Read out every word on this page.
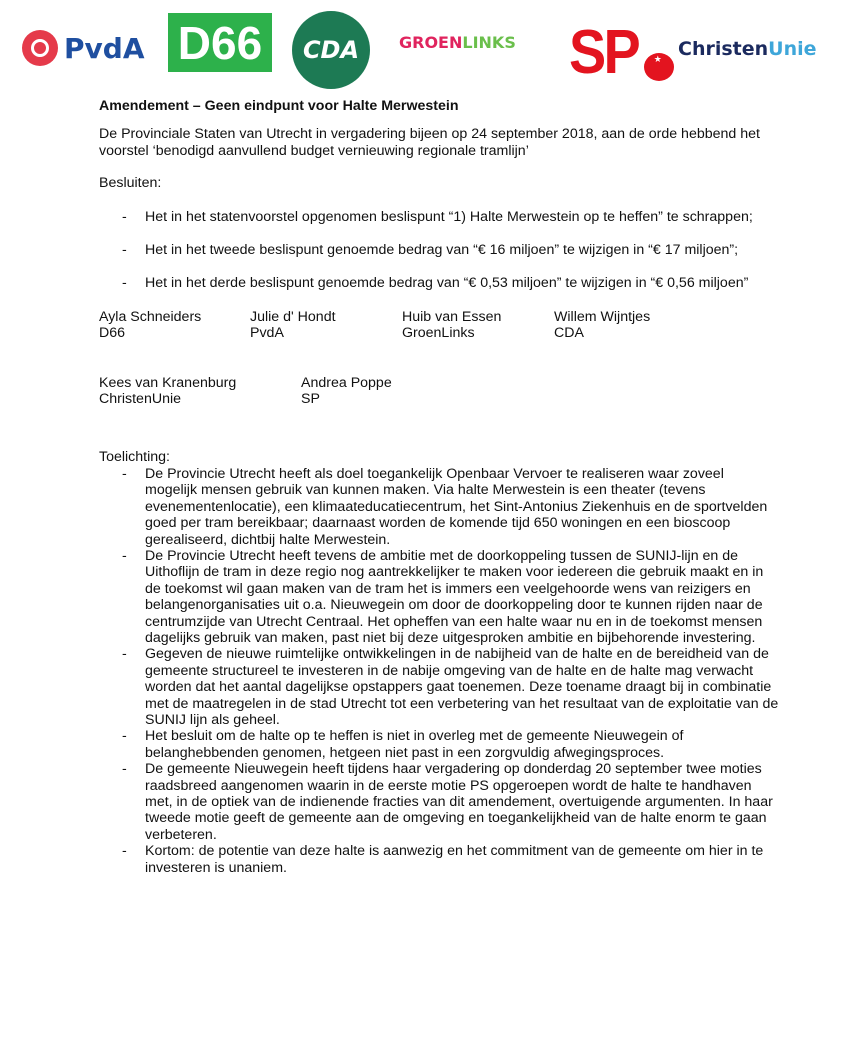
PvdA D66 CDA GROEN LINKS SP
★ Christen Unie

Amendement – Geen eindpunt voor Halte Merwestein

De Provinciale Staten van Utrecht in vergadering bijeen op 24 september 2018, aan de orde hebbend het voorstel ‘benodigd aanvullend budget vernieuwing regionale tramlijn’

Besluiten:

- Het in het statenvoorstel opgenomen beslispunt “1) Halte Merwestein op te heffen” te schrappen;
- Het in het tweede beslispunt genoemde bedrag van “€ 16 miljoen” te wijzigen in “€ 17 miljoen”;
- Het in het derde beslispunt genoemde bedrag van “€ 0,53 miljoen” te wijzigen in “€ 0,56 miljoen”
Ayla Schneiders
D66
Julie d' Hondt
PvdA
Huib van Essen
GroenLinks
Willem Wijntjes
CDA
Kees van Kranenburg
ChristenUnie
Andrea Poppe
SP
Toelichting:
- De Provincie Utrecht heeft als doel toegankelijk Openbaar Vervoer te realiseren waar zoveel mogelijk mensen gebruik van kunnen maken. Via halte Merwestein is een theater (tevens evenementenlocatie), een klimaateducatiecentrum, het Sint-Antonius Ziekenhuis en de sportvelden goed per tram bereikbaar; daarnaast worden de komende tijd 650 woningen en een bioscoop gerealiseerd, dichtbij halte Merwestein.
- De Provincie Utrecht heeft tevens de ambitie met de doorkoppeling tussen de SUNIJ-lijn en de Uithoflijn de tram in deze regio nog aantrekkelijker te maken voor iedereen die gebruik maakt en in de toekomst wil gaan maken van de tram het is immers een veelgehoorde wens van reizigers en belangenorganisaties uit o.a. Nieuwegein om door de doorkoppeling door te kunnen rijden naar de centrumzijde van Utrecht Centraal. Het opheffen van een halte waar nu en in de toekomst mensen dagelijks gebruik van maken, past niet bij deze uitgesproken ambitie en bijbehorende investering.
- Gegeven de nieuwe ruimtelijke ontwikkelingen in de nabijheid van de halte en de bereidheid van de gemeente structureel te investeren in de nabije omgeving van de halte en de halte mag verwacht worden dat het aantal dagelijkse opstappers gaat toenemen. Deze toename draagt bij in combinatie met de maatregelen in de stad Utrecht tot een verbetering van het resultaat van de exploitatie van de SUNIJ lijn als geheel.
- Het besluit om de halte op te heffen is niet in overleg met de gemeente Nieuwegein of belanghebbenden genomen, hetgeen niet past in een zorgvuldig afwegingsproces.
- De gemeente Nieuwegein heeft tijdens haar vergadering op donderdag 20 september twee moties raadsbreed aangenomen waarin in de eerste motie PS opgeroepen wordt de halte te handhaven met, in de optiek van de indienende fracties van dit amendement, overtuigende argumenten. In haar tweede motie geeft de gemeente aan de omgeving en toegankelijkheid van de halte enorm te gaan verbeteren.
- Kortom: de potentie van deze halte is aanwezig en het commitment van de gemeente om hier in te investeren is unaniem.
